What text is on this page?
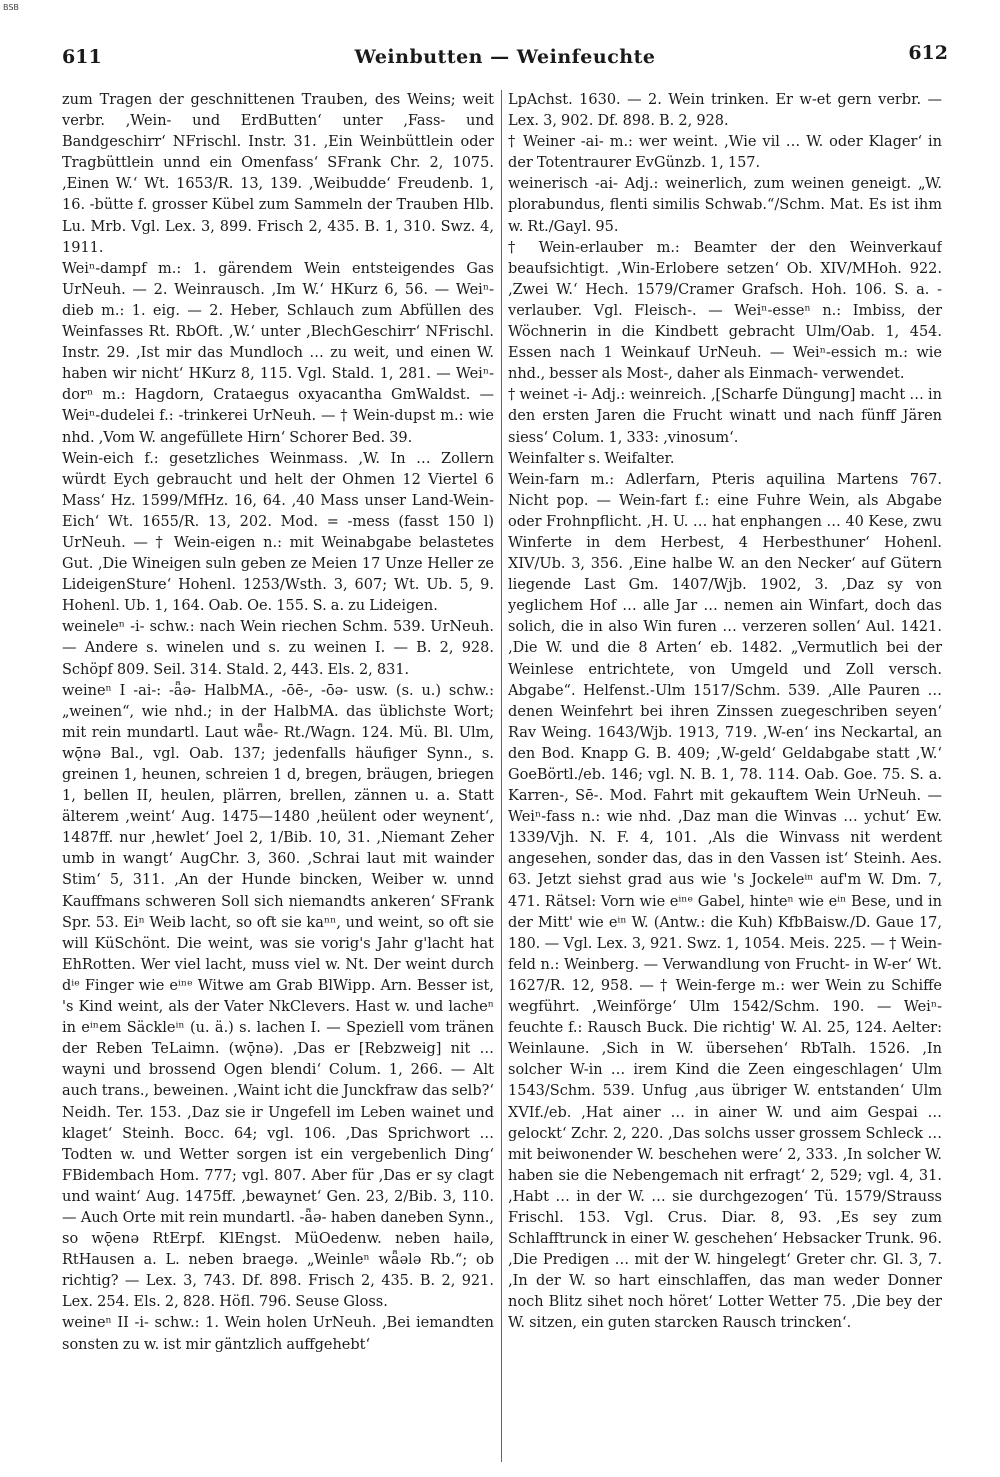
BSB
611	Weinbutten — Weinfeuchte	612

zum Tragen der geschnittenen Trauben, des Weins; weit verbr. ‚Wein- und ErdButten‘ unter ‚Fass- und Bandgeschirr‘ NFrischl. Instr. 31. ‚Ein Weinbüttlein oder Tragbüttlein unnd ein Omenfass‘ SFrank Chr. 2, 1075. ‚Einen W.‘ Wt. 1653/R. 13, 139. ‚Weibudde‘ Freudenb. 1, 16. -bütte f. grosser Kübel zum Sammeln der Trauben Hlb. Lu. Mrb. Vgl. Lex. 3, 899. Frisch 2, 435. B. 1, 310. Swz. 4, 1911.

Weiⁿ-dampf m.: 1. gärendem Wein entsteigendes Gas UrNeuh. — 2. Weinrausch. ‚Im W.‘ HKurz 6, 56. — Weiⁿ-dieb m.: 1. eig. — 2. Heber, Schlauch zum Abfüllen des Weinfasses Rt. RbOft. ‚W.‘ unter ‚BlechGeschirr‘ NFrischl. Instr. 29. ‚Ist mir das Mundloch … zu weit, und einen W. haben wir nicht‘ HKurz 8, 115. Vgl. Stald. 1, 281. — Weiⁿ-dorⁿ m.: Hagdorn, Crataegus oxyacantha GmWaldst. — Weiⁿ-dudelei f.: -trinkerei UrNeuh. — † Wein-dupst m.: wie nhd. ‚Vom W. angefüllete Hirn‘ Schorer Bed. 39.

Wein-eich f.: gesetzliches Weinmass. ‚W. In … Zollern würdt Eych gebraucht und helt der Ohmen 12 Viertel 6 Mass‘ Hz. 1599/MfHz. 16, 64. ‚40 Mass unser Land-Wein-Eich‘ Wt. 1655/R. 13, 202. Mod. = -mess (fasst 150 l) UrNeuh. — † Wein-eigen n.: mit Weinabgabe belastetes Gut. ‚Die Wineigen suln geben ze Meien 17 Unze Heller ze LideigenSture‘ Hohenl. 1253/Wsth. 3, 607; Wt. Ub. 5, 9. Hohenl. Ub. 1, 164. Oab. Oe. 155. S. a. zu Lideigen.

weineleⁿ -i- schw.: nach Wein riechen Schm. 539. UrNeuh. — Andere s. winelen und s. zu weinen I. — B. 2, 928. Schöpf 809. Seil. 314. Stald. 2, 443. Els. 2, 831.

weineⁿ I -ai-: -ǟə- HalbMA., -ōē-, -ōə- usw. (s. u.) schw.: „weinen“, wie nhd.; in der HalbMA. das üblichste Wort; mit rein mundartl. Laut wǟe- Rt./Wagn. 124. Mü. Bl. Ulm, wǭnə Bal., vgl. Oab. 137; jedenfalls häufiger Synn., s. greinen 1, heunen, schreien 1 d, bregen, bräugen, briegen 1, bellen II, heulen, plärren, brellen, zännen u. a. Statt älterem ‚weint‘ Aug. 1475—1480 ‚heülent oder weynent‘, 1487ff. nur ‚hewlet‘ Joel 2, 1/Bib. 10, 31. ‚Niemant Zeher umb in wangt‘ AugChr. 3, 360. ‚Schrai laut mit wainder Stim‘ 5, 311. ‚An der Hunde bincken, Weiber w. unnd Kauffmans schweren Soll sich niemandts ankeren‘ SFrank Spr. 53. Eiⁿ Weib lacht, so oft sie kaⁿⁿ, und weint, so oft sie will KüSchönt. Die weint, was sie vorig's Jahr g'lacht hat EhRotten. Wer viel lacht, muss viel w. Nt. Der weint durch dⁱᵉ Finger wie eⁱⁿᵉ Witwe am Grab BlWipp. Arn. Besser ist, 's Kind weint, als der Vater NkClevers. Hast w. und lacheⁿ in eⁱⁿem Säckleⁱⁿ (u. ä.) s. lachen I. — Speziell vom tränen der Reben TeLaimn. (wǭnə). ‚Das er [Rebzweig] nit … wayni und brossend Ogen blendi‘ Colum. 1, 266. — Alt auch trans., beweinen. ‚Waint icht die Junckfraw das selb?‘ Neidh. Ter. 153. ‚Daz sie ir Ungefell im Leben wainet und klaget‘ Steinh. Bocc. 64; vgl. 106. ‚Das Sprichwort … Todten w. und Wetter sorgen ist ein vergebenlich Ding‘ FBidembach Hom. 777; vgl. 807. Aber für ‚Das er sy clagt und waint‘ Aug. 1475ff. ‚bewaynet‘ Gen. 23, 2/Bib. 3, 110. — Auch Orte mit rein mundartl. -ǟə- haben daneben Synn., so wǭenə RtErpf. KlEngst. MüOedenw. neben hailə, RtHausen a. L. neben braegə. „Weinleⁿ wǟələ Rb.“; ob richtig? — Lex. 3, 743. Df. 898. Frisch 2, 435. B. 2, 921. Lex. 254. Els. 2, 828. Höfl. 796. Seuse Gloss.

weineⁿ II -i- schw.: 1. Wein holen UrNeuh. ‚Bei iemandten sonsten zu w. ist mir gäntzlich auffgehebt‘

LpAchst. 1630. — 2. Wein trinken. Er w-et gern verbr. — Lex. 3, 902. Df. 898. B. 2, 928.

† Weiner -ai- m.: wer weint. ‚Wie vil … W. oder Klager‘ in der Totentraurer EvGünzb. 1, 157.

weinerisch -ai- Adj.: weinerlich, zum weinen geneigt. „W. plorabundus, flenti similis Schwab.“/Schm. Mat. Es ist ihm w. Rt./Gayl. 95.

† Wein-erlauber m.: Beamter der den Weinverkauf beaufsichtigt. ‚Win-Erlobere setzen‘ Ob. XIV/MHoh. 922. ‚Zwei W.‘ Hech. 1579/Cramer Grafsch. Hoh. 106. S. a. -verlauber. Vgl. Fleisch-. — Weiⁿ-esseⁿ n.: Imbiss, der Wöchnerin in die Kindbett gebracht Ulm/Oab. 1, 454. Essen nach 1 Weinkauf UrNeuh. — Weiⁿ-essich m.: wie nhd., besser als Most-, daher als Einmach- verwendet.

† weinet -i- Adj.: weinreich. ‚[Scharfe Düngung] macht … in den ersten Jaren die Frucht winatt und nach fünff Jären siess‘ Colum. 1, 333: ‚vinosum‘.

Weinfalter s. Weifalter.

Wein-farn m.: Adlerfarn, Pteris aquilina Martens 767. Nicht pop. — Wein-fart f.: eine Fuhre Wein, als Abgabe oder Frohnpflicht. ‚H. U. … hat enphangen … 40 Kese, zwu Winferte in dem Herbest, 4 Herbesthuner‘ Hohenl. XIV/Ub. 3, 356. ‚Eine halbe W. an den Necker‘ auf Gütern liegende Last Gm. 1407/Wjb. 1902, 3. ‚Daz sy von yeglichem Hof … alle Jar … nemen ain Winfart, doch das solich, die in also Win furen … verzeren sollen‘ Aul. 1421. ‚Die W. und die 8 Arten‘ eb. 1482. „Vermutlich bei der Weinlese entrichtete, von Umgeld und Zoll versch. Abgabe“. Helfenst.-Ulm 1517/Schm. 539. ‚Alle Pauren … denen Weinfehrt bei ihren Zinssen zuegeschriben seyen‘ Rav Weing. 1643/Wjb. 1913, 719. ‚W-en‘ ins Neckartal, an den Bod. Knapp G. B. 409; ‚W-geld‘ Geldabgabe statt ‚W.‘ GoeBörtl./eb. 146; vgl. N. B. 1, 78. 114. Oab. Goe. 75. S. a. Karren-, Sē-. Mod. Fahrt mit gekauftem Wein UrNeuh. — Weiⁿ-fass n.: wie nhd. ‚Daz man die Winvas … ychut‘ Ew. 1339/Vjh. N. F. 4, 101. ‚Als die Winvass nit werdent angesehen, sonder das, das in den Vassen ist‘ Steinh. Aes. 63. Jetzt siehst grad aus wie 's Jockeleⁱⁿ auf'm W. Dm. 7, 471. Rätsel: Vorn wie eⁱⁿᵉ Gabel, hinteⁿ wie eⁱⁿ Bese, und in der Mitt' wie eⁱⁿ W. (Antw.: die Kuh) KfbBaisw./D. Gaue 17, 180. — Vgl. Lex. 3, 921. Swz. 1, 1054. Meis. 225. — † Wein-feld n.: Weinberg. — Verwandlung von Frucht- in W-er‘ Wt. 1627/R. 12, 958. — † Wein-ferge m.: wer Wein zu Schiffe wegführt. ‚Weinförge‘ Ulm 1542/Schm. 190. — Weiⁿ-feuchte f.: Rausch Buck. Die richtig' W. Al. 25, 124. Aelter: Weinlaune. ‚Sich in W. übersehen‘ RbTalh. 1526. ‚In solcher W-in … irem Kind die Zeen eingeschlagen‘ Ulm 1543/Schm. 539. Unfug ‚aus übriger W. entstanden‘ Ulm XVIf./eb. ‚Hat ainer … in ainer W. und aim Gespai … gelockt‘ Zchr. 2, 220. ‚Das solchs usser grossem Schleck … mit beiwonender W. beschehen were‘ 2, 333. ‚In solcher W. haben sie die Nebengemach nit erfragt‘ 2, 529; vgl. 4, 31. ‚Habt … in der W. … sie durchgezogen‘ Tü. 1579/Strauss Frischl. 153. Vgl. Crus. Diar. 8, 93. ‚Es sey zum Schlafftrunck in einer W. geschehen‘ Hebsacker Trunk. 96. ‚Die Predigen … mit der W. hingelegt‘ Greter chr. Gl. 3, 7. ‚In der W. so hart einschlaffen, das man weder Donner noch Blitz sihet noch höret‘ Lotter Wetter 75. ‚Die bey der W. sitzen, ein guten starcken Rausch trincken‘.
